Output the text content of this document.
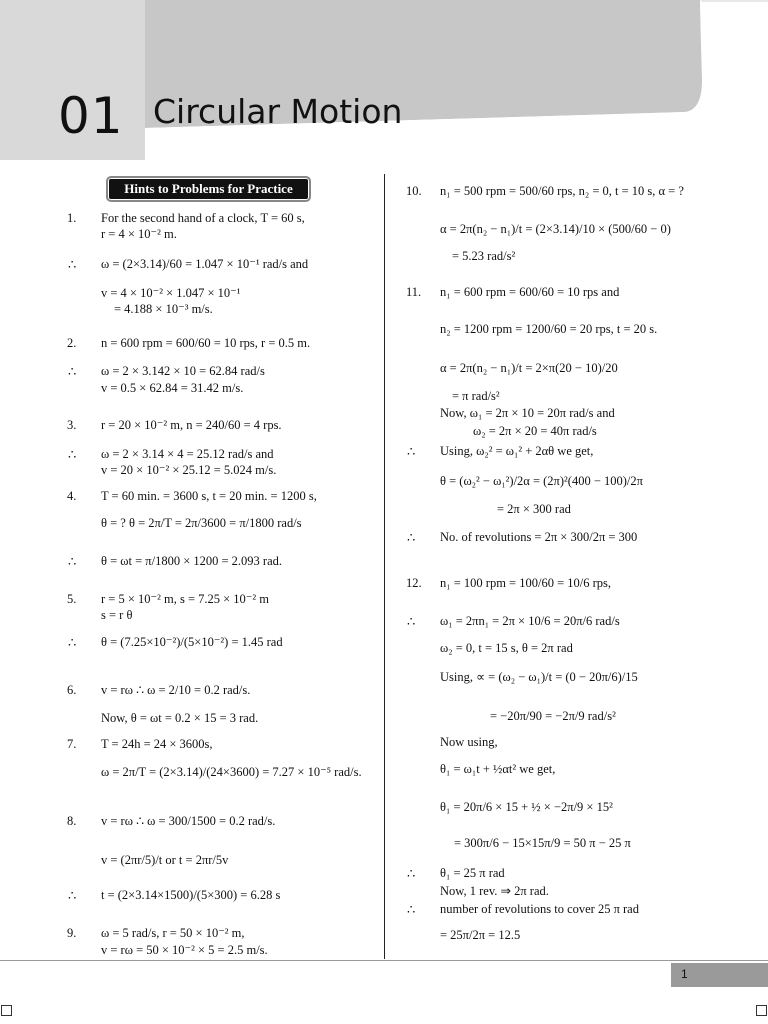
01 Circular Motion
Hints to Problems for Practice
1. For the second hand of a clock, T = 60 s,
r = 4 × 10⁻² m.
∴ ω = (2×3.14)/60 = 1.047 × 10⁻¹ rad/s and
v = 4 × 10⁻² × 1.047 × 10⁻¹
= 4.188 × 10⁻³ m/s.
2. n = 600 rpm = 600/60 = 10 rps, r = 0.5 m.
∴ ω = 2 × 3.142 × 10 = 62.84 rad/s
v = 0.5 × 62.84 = 31.42 m/s.
3. r = 20 × 10⁻² m, n = 240/60 = 4 rps.
∴ ω = 2 × 3.14 × 4 = 25.12 rad/s and
v = 20 × 10⁻² × 25.12 = 5.024 m/s.
4. T = 60 min. = 3600 s, t = 20 min. = 1200 s,
θ = ? θ = 2π/T = 2π/3600 = π/1800 rad/s
∴ θ = ωt = π/1800 × 1200 = 2.093 rad.
5. r = 5 × 10⁻² m, s = 7.25 × 10⁻² m
s = r θ
∴ θ = (7.25×10⁻²)/(5×10⁻²) = 1.45 rad
6. v = rω ∴ ω = 2/10 = 0.2 rad/s.
Now, θ = ωt = 0.2 × 15 = 3 rad.
7. T = 24h = 24 × 3600s,
ω = 2π/T = (2×3.14)/(24×3600) = 7.27 × 10⁻⁵ rad/s.
8. v = rω ∴ ω = 300/1500 = 0.2 rad/s.
v = (2πr/5)/t or t = 2πr/5v
∴ t = (2×3.14×1500)/(5×300) = 6.28 s
9. ω = 5 rad/s, r = 50 × 10⁻² m,
v = rω = 50 × 10⁻² × 5 = 2.5 m/s.
10. n₁ = 500 rpm = 500/60 rps, n₂ = 0, t = 10 s, α = ?
α = 2π(n₂ − n₁)/t = (2×3.14)/10 × (500/60 − 0)
= 5.23 rad/s²
11. n₁ = 600 rpm = 600/60 = 10 rps and
n₂ = 1200 rpm = 1200/60 = 20 rps, t = 20 s.
α = 2π(n₂ − n₁)/t = 2×π(20 − 10)/20
= π rad/s²
Now, ω₁ = 2π × 10 = 20π rad/s and
ω₂ = 2π × 20 = 40π rad/s
∴ Using, ω₂² = ω₁² + 2αθ we get,
θ = (ω₂² − ω₁²)/2α = (2π)²(400 − 100)/2π
= 2π × 300 rad
∴ No. of revolutions = 2π × 300/2π = 300
12. n₁ = 100 rpm = 100/60 = 10/6 rps,
∴ ω₁ = 2πn₁ = 2π × 10/6 = 20π/6 rad/s
ω₂ = 0, t = 15 s, θ = 2π rad
Using, ∝ = (ω₂ − ω₁)/t = (0 − 20π/6)/15
= −20π/90 = −2π/9 rad/s²
Now using,
θ₁ = ω₁t + ½αt² we get,
θ₁ = 20π/6 × 15 + ½ × −2π/9 × 15²
= 300π/6 − 15×15π/9 = 50 π − 25 π
∴ θ₁ = 25 π rad
Now, 1 rev. ⇒ 2π rad.
∴ number of revolutions to cover 25 π rad
= 25π/2π = 12.5
1
